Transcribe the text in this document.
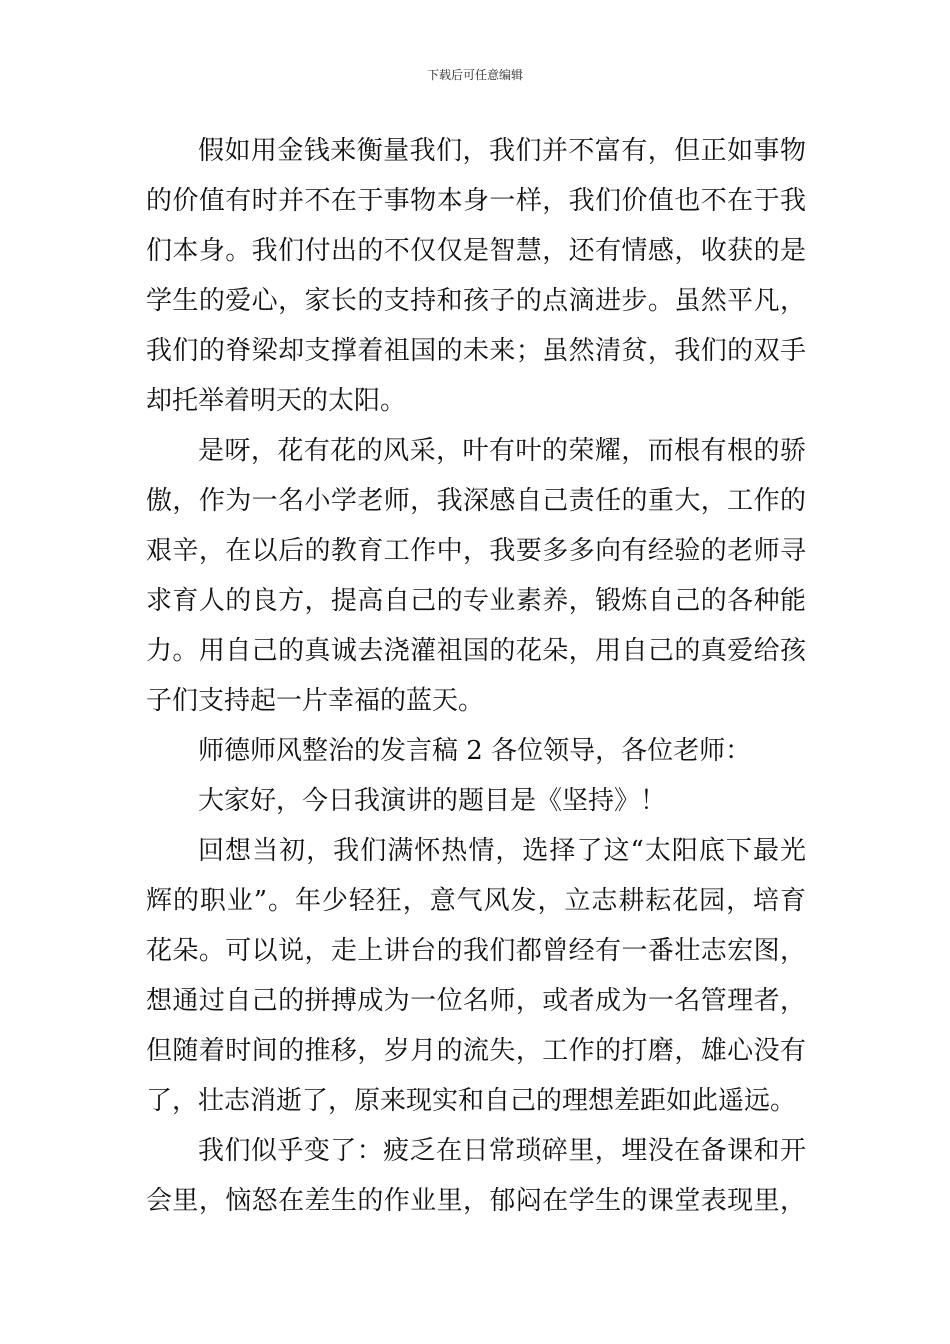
下载后可任意编辑
假如用金钱来衡量我们，我们并不富有，但正如事物
的价值有时并不在于事物本身一样，我们价值也不在于我
们本身。我们付出的不仅仅是智慧，还有情感，收获的是
学生的爱心，家长的支持和孩子的点滴进步。虽然平凡，
我们的脊梁却支撑着祖国的未来；虽然清贫，我们的双手
却托举着明天的太阳。
是呀，花有花的风采，叶有叶的荣耀，而根有根的骄
傲，作为一名小学老师，我深感自己责任的重大，工作的
艰辛，在以后的教育工作中，我要多多向有经验的老师寻
求育人的良方，提高自己的专业素养，锻炼自己的各种能
力。用自己的真诚去浇灌祖国的花朵，用自己的真爱给孩
子们支持起一片幸福的蓝天。
师德师风整治的发言稿 2 各位领导，各位老师：
大家好，今日我演讲的题目是《坚持》！
回想当初，我们满怀热情，选择了这“太阳底下最光
辉的职业”。年少轻狂，意气风发，立志耕耘花园，培育
花朵。可以说，走上讲台的我们都曾经有一番壮志宏图，
想通过自己的拼搏成为一位名师，或者成为一名管理者，
但随着时间的推移，岁月的流失，工作的打磨，雄心没有
了，壮志消逝了，原来现实和自己的理想差距如此遥远。
我们似乎变了：疲乏在日常琐碎里，埋没在备课和开
会里，恼怒在差生的作业里，郁闷在学生的课堂表现里，
